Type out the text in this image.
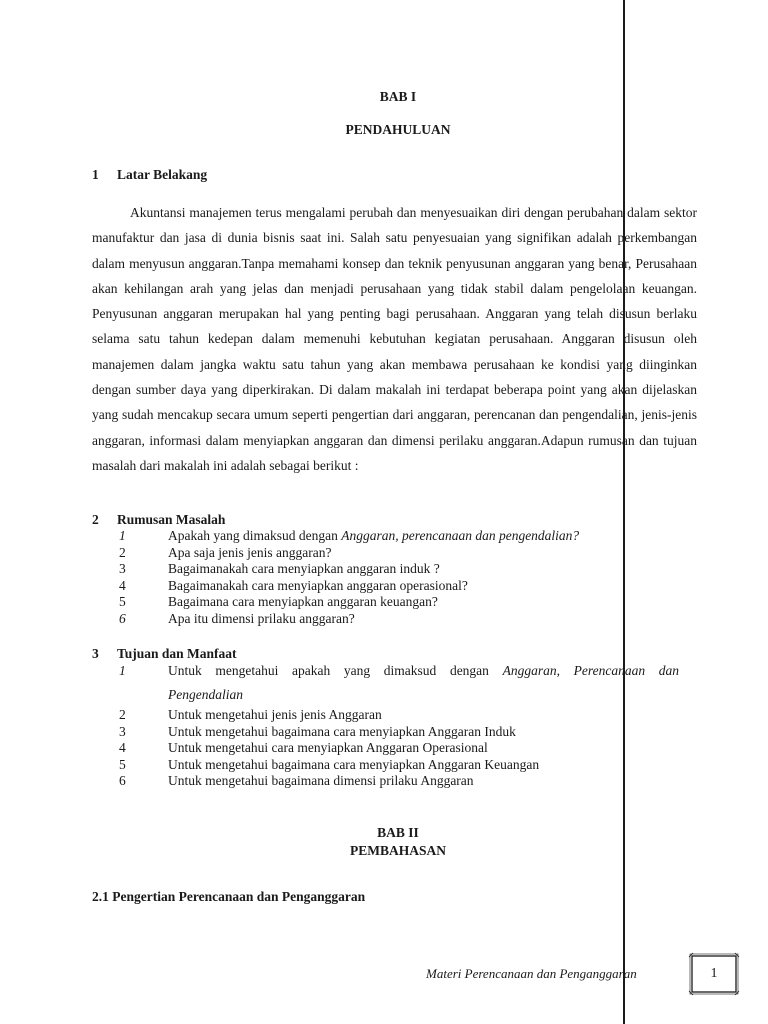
BAB I
PENDAHULUAN
1 Latar Belakang

Akuntansi manajemen terus mengalami perubah dan menyesuaikan diri dengan perubahan dalam sektor manufaktur dan jasa di dunia bisnis saat ini. Salah satu penyesuaian yang signifikan adalah perkembangan dalam menyusun anggaran.Tanpa memahami konsep dan teknik penyusunan anggaran yang benar, Perusahaan akan kehilangan arah yang jelas dan menjadi perusahaan yang tidak stabil dalam pengelolaan keuangan. Penyusunan anggaran merupakan hal yang penting bagi perusahaan. Anggaran yang telah disusun berlaku selama satu tahun kedepan dalam memenuhi kebutuhan kegiatan perusahaan. Anggaran disusun oleh manajemen dalam jangka waktu satu tahun yang akan membawa perusahaan ke kondisi yang diinginkan dengan sumber daya yang diperkirakan. Di dalam makalah ini terdapat beberapa point yang akan dijelaskan yang sudah mencakup secara umum seperti pengertian dari anggaran, perencanan dan pengendalian, jenis-jenis anggaran, informasi dalam menyiapkan anggaran dan dimensi perilaku anggaran.Adapun rumusan dan tujuan masalah dari makalah ini adalah sebagai berikut :

2 Rumusan Masalah
1	Apakah yang dimaksud dengan Anggaran, perencanaan dan pengendalian?
2	Apa saja jenis jenis anggaran?
3	Bagaimanakah cara menyiapkan anggaran induk ?
4	Bagaimanakah cara menyiapkan anggaran operasional?
5	Bagaimana cara menyiapkan anggaran keuangan?
6	Apa itu dimensi prilaku anggaran?
3 Tujuan dan Manfaat
1	Untuk mengetahui apakah yang dimaksud dengan Anggaran, Perencanaan dan
Pengendalian
2	Untuk mengetahui jenis jenis Anggaran
3	Untuk mengetahui bagaimana cara menyiapkan Anggaran Induk
4	Untuk mengetahui cara menyiapkan Anggaran Operasional
5	Untuk mengetahui bagaimana cara menyiapkan Anggaran Keuangan
6	Untuk mengetahui bagaimana dimensi prilaku Anggaran
BAB II
PEMBAHASAN
2.1 Pengertian Perencanaan dan Penganggaran
Materi Perencanaan dan Penganggaran	1
